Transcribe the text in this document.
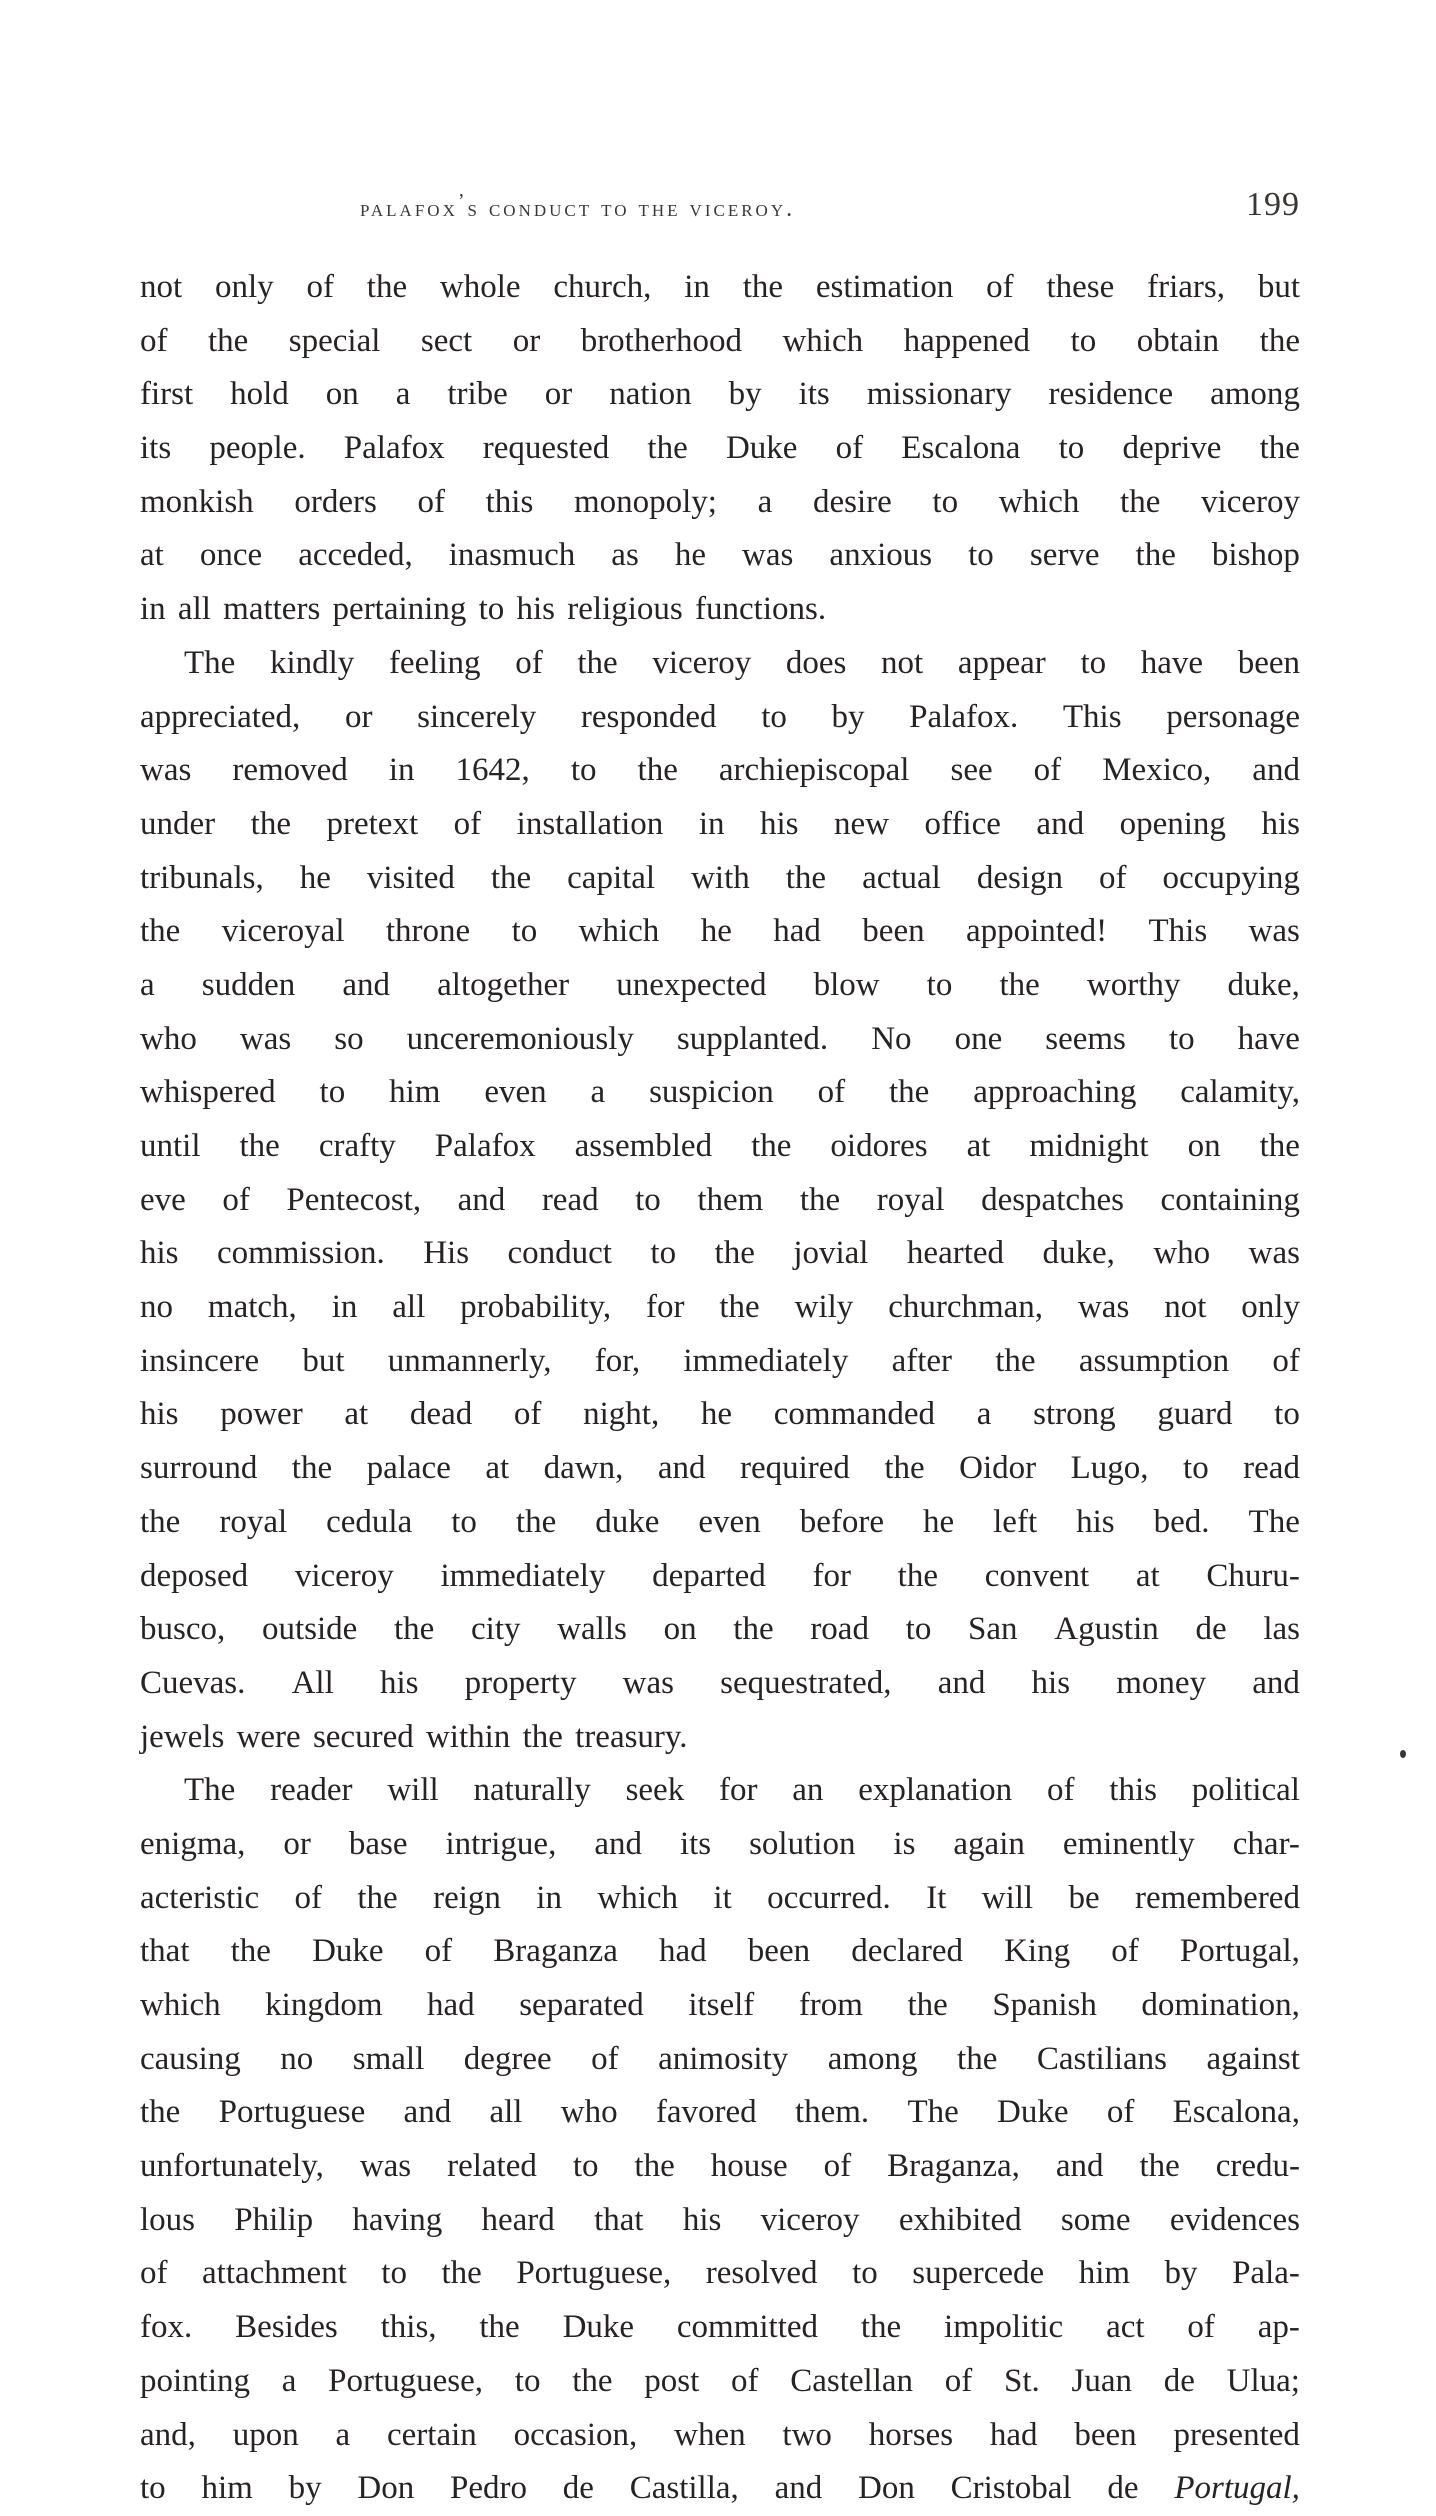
palafox’s conduct to the viceroy.	199
not only of the whole church, in the estimation of these friars, but
of the special sect or brotherhood which happened to obtain the
first hold on a tribe or nation by its missionary residence among
its people. Palafox requested the Duke of Escalona to deprive the
monkish orders of this monopoly; a desire to which the viceroy
at once acceded, inasmuch as he was anxious to serve the bishop
in
all
matters
pertaining
to
his
religious
functions.
The kindly feeling of the viceroy does not appear to have been
appreciated, or sincerely responded to by Palafox. This personage
was removed in 1642, to the archiepiscopal see of Mexico, and
under the pretext of installation in his new office and opening his
tribunals, he visited the capital with the actual design of occupying
the viceroyal throne to which he had been appointed! This was
a sudden and altogether unexpected blow to the worthy duke,
who was so unceremoniously supplanted. No one seems to have
whispered to him even a suspicion of the approaching calamity,
until the crafty Palafox assembled the oidores at midnight on the
eve of Pentecost, and read to them the royal despatches containing
his commission. His conduct to the jovial hearted duke, who was
no match, in all probability, for the wily churchman, was not only
insincere but unmannerly, for, immediately after the assumption of
his power at dead of night, he commanded a strong guard to
surround the palace at dawn, and required the Oidor Lugo, to read
the royal cedula to the duke even before he left his bed. The
deposed viceroy immediately departed for the convent at Churu-
busco, outside the city walls on the road to San Agustin de las
Cuevas. All his property was sequestrated, and his money and
jewels
were
secured
within
the
treasury.
The reader will naturally seek for an explanation of this political
enigma, or base intrigue, and its solution is again eminently char-
acteristic of the reign in which it occurred. It will be remembered
that the Duke of Braganza had been declared King of Portugal,
which kingdom had separated itself from the Spanish domination,
causing no small degree of animosity among the Castilians against
the Portuguese and all who favored them. The Duke of Escalona,
unfortunately, was related to the house of Braganza, and the credu-
lous Philip having heard that his viceroy exhibited some evidences
of attachment to the Portuguese, resolved to supercede him by Pala-
fox. Besides this, the Duke committed the impolitic act of ap-
pointing a Portuguese, to the post of Castellan of St. Juan de Ulua;
and, upon a certain occasion, when two horses had been presented
to him by Don Pedro de Castilla, and Don Cristobal de Portugal,
